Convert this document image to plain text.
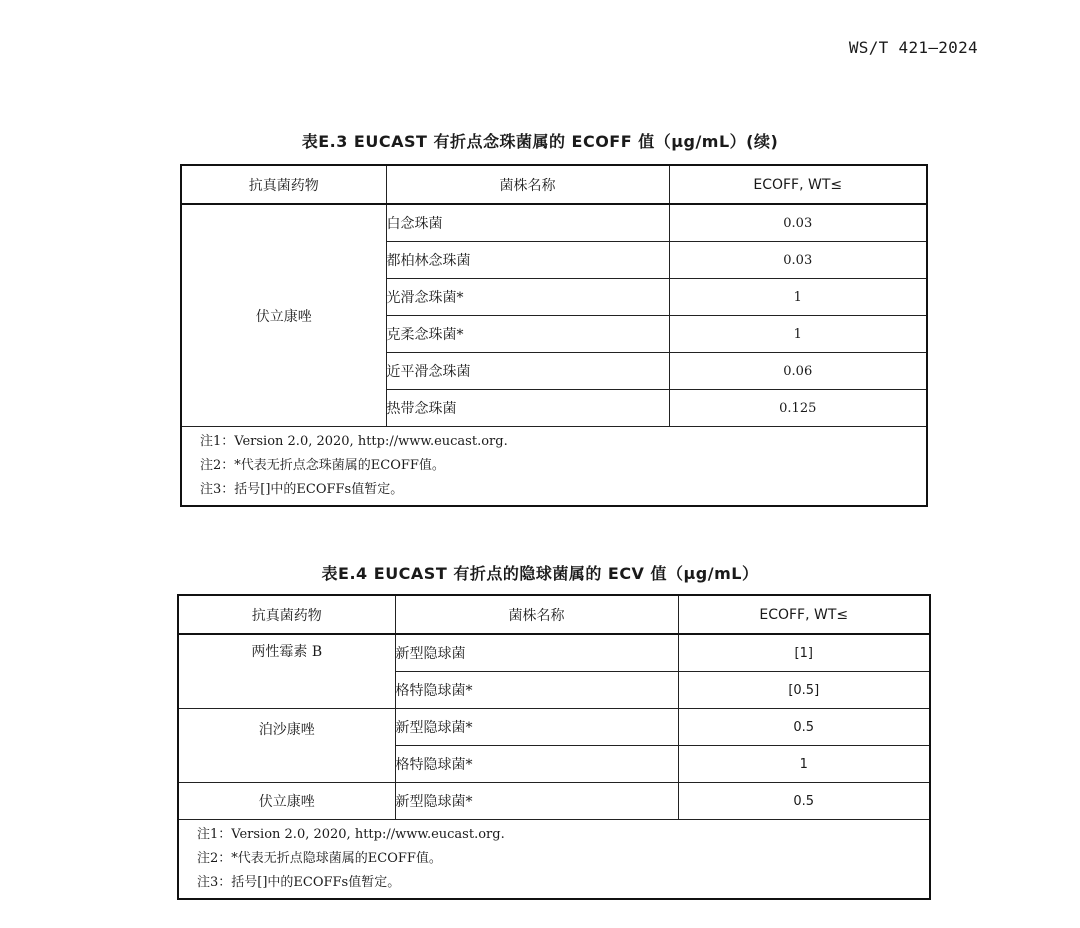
WS/T 421—2024
表E.3 EUCAST 有折点念珠菌属的 ECOFF 值（μg/mL）(续)
抗真菌药物	菌株名称	ECOFF, WT≤
伏立康唑	白念珠菌	0.03
	都柏林念珠菌	0.03
	光滑念珠菌*	1
	克柔念珠菌*	1
	近平滑念珠菌	0.06
	热带念珠菌	0.125

注1：Version 2.0, 2020, http://www.eucast.org.
注2：*代表无折点念珠菌属的ECOFF值。
注3：括号[]中的ECOFFs值暂定。		
表E.4 EUCAST 有折点的隐球菌属的 ECV 值（μg/mL）
抗真菌药物	菌株名称	ECOFF, WT≤
两性霉素 B	新型隐球菌	[1]
	格特隐球菌*	[0.5]
泊沙康唑	新型隐球菌*	0.5
	格特隐球菌*	1
伏立康唑	新型隐球菌*	0.5

注1：Version 2.0, 2020, http://www.eucast.org.
注2：*代表无折点隐球菌属的ECOFF值。
注3：括号[]中的ECOFFs值暂定。		
